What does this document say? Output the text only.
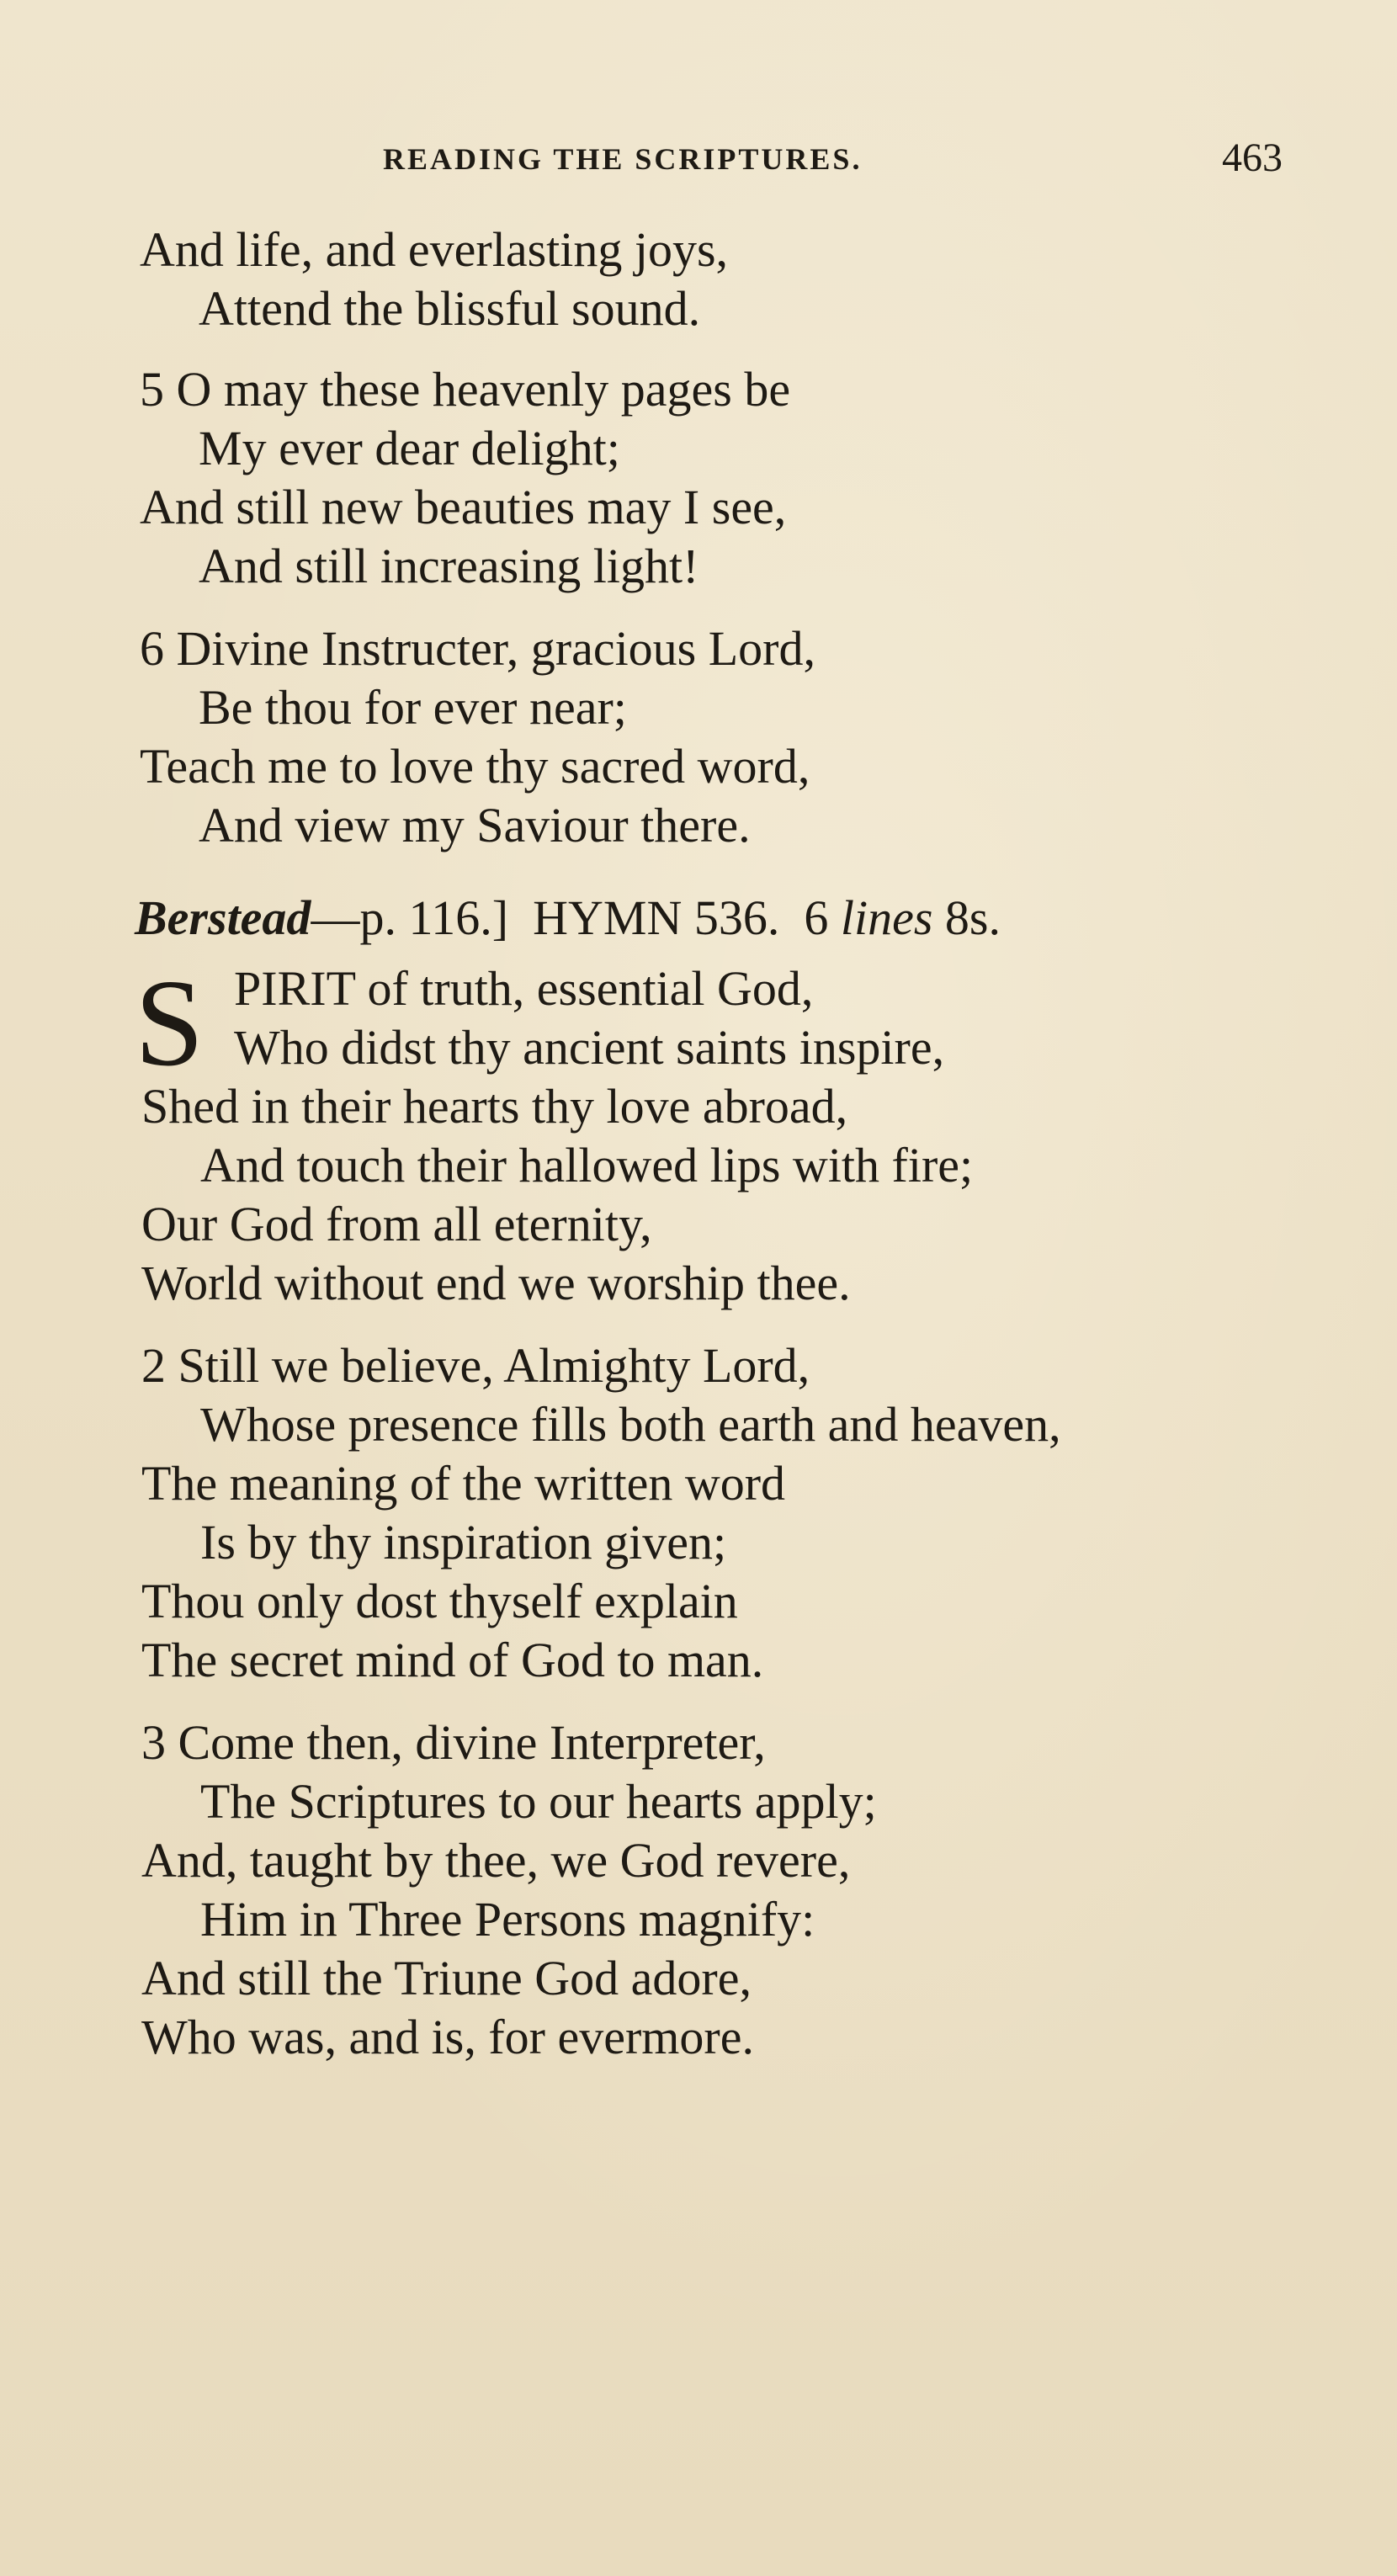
READING THE SCRIPTURES.	463
And life, and everlasting joys,
Attend the blissful sound.
5 O may these heavenly pages be
My ever dear delight;
And still new beauties may I see,
And still increasing light!
6 Divine Instructer, gracious Lord,
Be thou for ever near;
Teach me to love thy sacred word,
And view my Saviour there.
Berstead—p. 116.] HYMN 536. 6 lines 8s.
S PIRIT of truth, essential God,
Who didst thy ancient saints inspire,
Shed in their hearts thy love abroad,
And touch their hallowed lips with fire;
Our God from all eternity,
World without end we worship thee.
2 Still we believe, Almighty Lord,
Whose presence fills both earth and heaven,
The meaning of the written word
Is by thy inspiration given;
Thou only dost thyself explain
The secret mind of God to man.
3 Come then, divine Interpreter,
The Scriptures to our hearts apply;
And, taught by thee, we God revere,
Him in Three Persons magnify:
And still the Triune God adore,
Who was, and is, for evermore.
